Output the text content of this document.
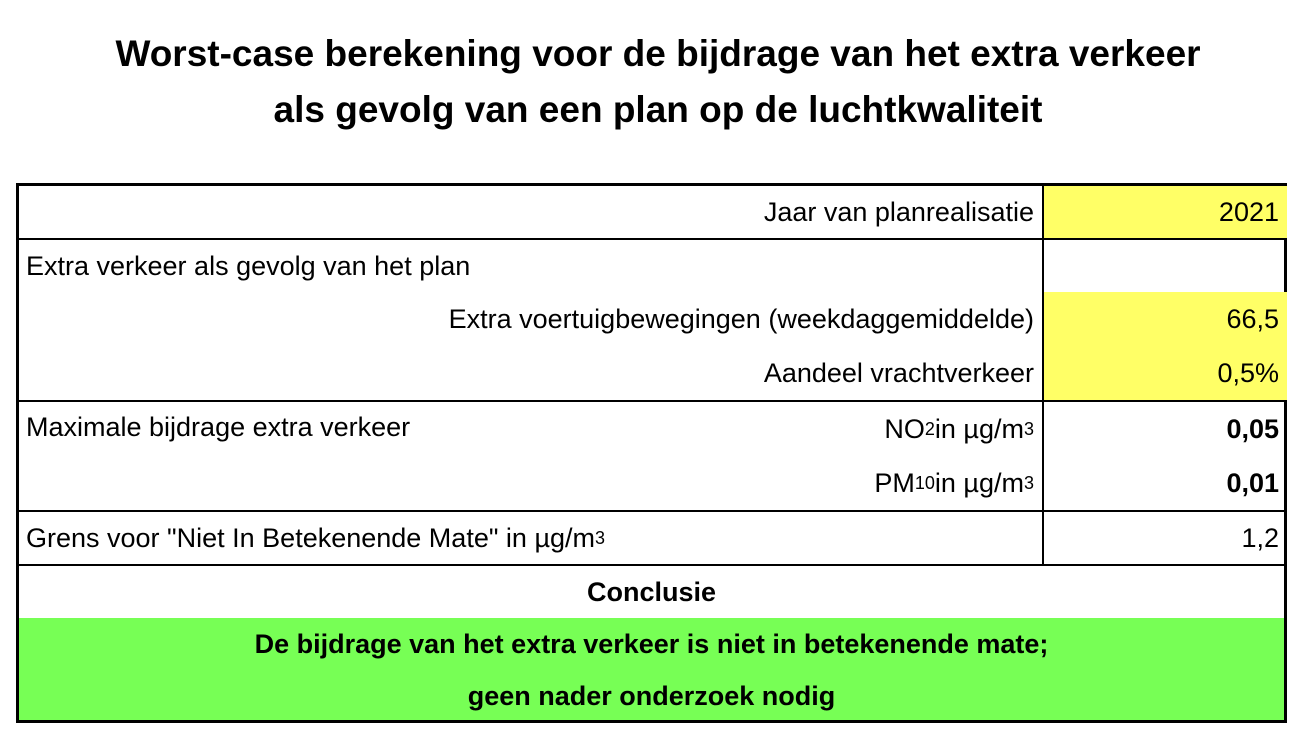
Worst-case berekening voor de bijdrage van het extra verkeer
als gevolg van een plan op de luchtkwaliteit
Jaar van planrealisatie	2021
Extra verkeer als gevolg van het plan
Extra voertuigbewegingen (weekdaggemiddelde)	66,5
Aandeel vrachtverkeer	0,5%
Maximale bijdrage extra verkeer	NO 2 in µg/m 3	0,05
PM 10 in µg/m 3	0,01
Grens voor "Niet In Betekenende Mate" in µg/m 3	1,2
Conclusie
De bijdrage van het extra verkeer is niet in betekenende mate;
geen nader onderzoek nodig
